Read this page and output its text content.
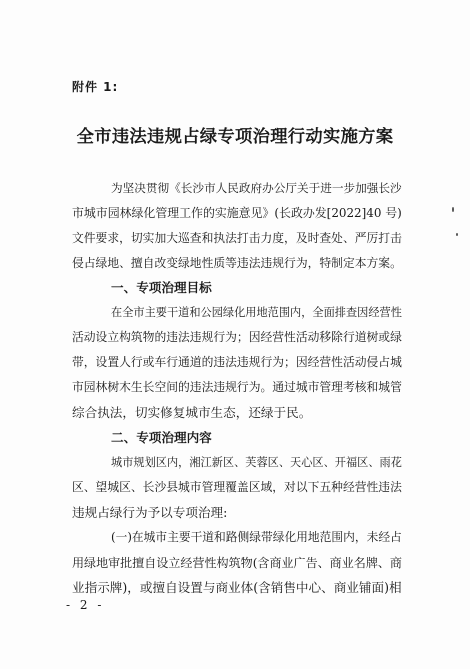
附件 1:
全市违法违规占绿专项治理行动实施方案
为坚决贯彻《长沙市人民政府办公厅关于进一步加强长沙
市城市园林绿化管理工作的实施意见》(长政办发[2022]40 号)
文件要求，切实加大巡查和执法打击力度，及时查处、严厉打击
侵占绿地、擅自改变绿地性质等违法违规行为，特制定本方案。
一、专项治理目标
在全市主要干道和公园绿化用地范围内，全面排查因经营性
活动设立构筑物的违法违规行为；因经营性活动移除行道树或绿
带，设置人行或车行通道的违法违规行为；因经营性活动侵占城
市园林树木生长空间的违法违规行为。通过城市管理考核和城管
综合执法，切实修复城市生态，还绿于民。
二、专项治理内容
城市规划区内，湘江新区、芙蓉区、天心区、开福区、雨花
区、望城区、长沙县城市管理覆盖区域，对以下五种经营性违法
违规占绿行为予以专项治理:
(一)在城市主要干道和路侧绿带绿化用地范围内，未经占
用绿地审批擅自设立经营性构筑物(含商业广告、商业名牌、商
业指示牌)，或擅自设置与商业体(含销售中心、商业铺面)相
- 2 -
